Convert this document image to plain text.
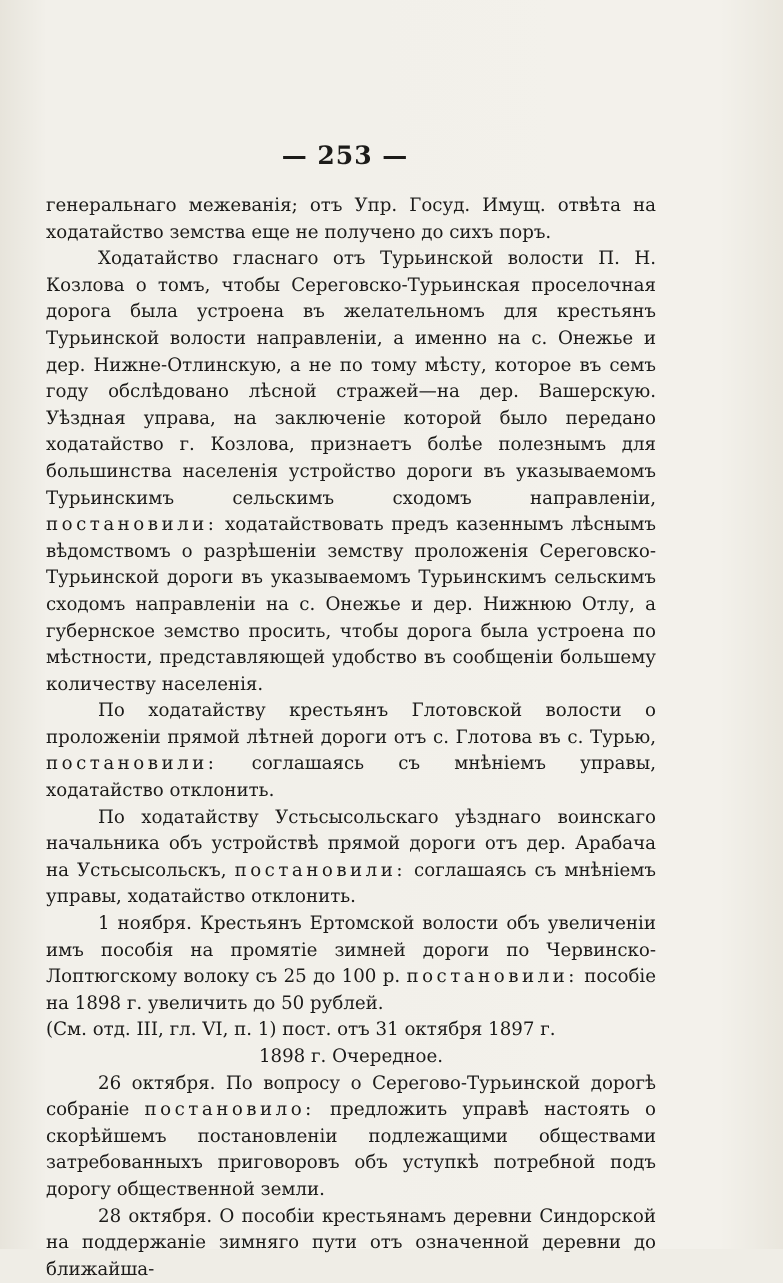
— 253 —

генеральнаго межеванія; отъ Упр. Госуд. Имущ. отвѣта на ходатайство земства еще не получено до сихъ поръ.

Ходатайство гласнаго отъ Турьинской волости П. Н. Козлова о томъ, чтобы Сереговско-Турьинская проселочная дорога была устроена въ желательномъ для крестьянъ Турьинской волости направленіи, а именно на с. Онежье и дер. Нижне-Отлинскую, а не по тому мѣсту, которое въ семъ году обслѣдовано лѣсной стражей—на дер. Вашерскую. Уѣздная управа, на заключеніе которой было передано ходатайство г. Козлова, признаетъ болѣе полезнымъ для большинства населенія устройство дороги въ указываемомъ Турьинскимъ сельскимъ сходомъ направленіи, постановили: ходатайствовать предъ казеннымъ лѣснымъ вѣдомствомъ о разрѣшеніи земству проложенія Сереговско-Турьинской дороги въ указываемомъ Турьинскимъ сельскимъ сходомъ направленіи на с. Онежье и дер. Нижнюю Отлу, а губернское земство просить, чтобы дорога была устроена по мѣстности, представляющей удобство въ сообщеніи большему количеству населенія.

По ходатайству крестьянъ Глотовской волости о проложеніи прямой лѣтней дороги отъ с. Глотова въ с. Турью, постановили: соглашаясь съ мнѣніемъ управы, ходатайство отклонить.

По ходатайству Устьсысольскаго уѣзднаго воинскаго начальника объ устройствѣ прямой дороги отъ дер. Арабача на Устьсысольскъ, постановили: соглашаясь съ мнѣніемъ управы, ходатайство отклонить.

1 ноября. Крестьянъ Ертомской волости объ увеличеніи имъ пособія на промятіе зимней дороги по Червинско-Лоптюгскому волоку съ 25 до 100 р. постановили: пособіе на 1898 г. увеличить до 50 рублей.

(См. отд. III, гл. VI, п. 1) пост. отъ 31 октября 1897 г.

1898 г. Очередное.

26 октября. По вопросу о Серегово-Турьинской дорогѣ собраніе постановило: предложить управѣ настоять о скорѣйшемъ постановленіи подлежащими обществами затребованныхъ приговоровъ объ уступкѣ потребной подъ дорогу общественной земли.

28 октября. О пособіи крестьянамъ деревни Синдорской на поддержаніе зимняго пути отъ означенной деревни до ближайша-
